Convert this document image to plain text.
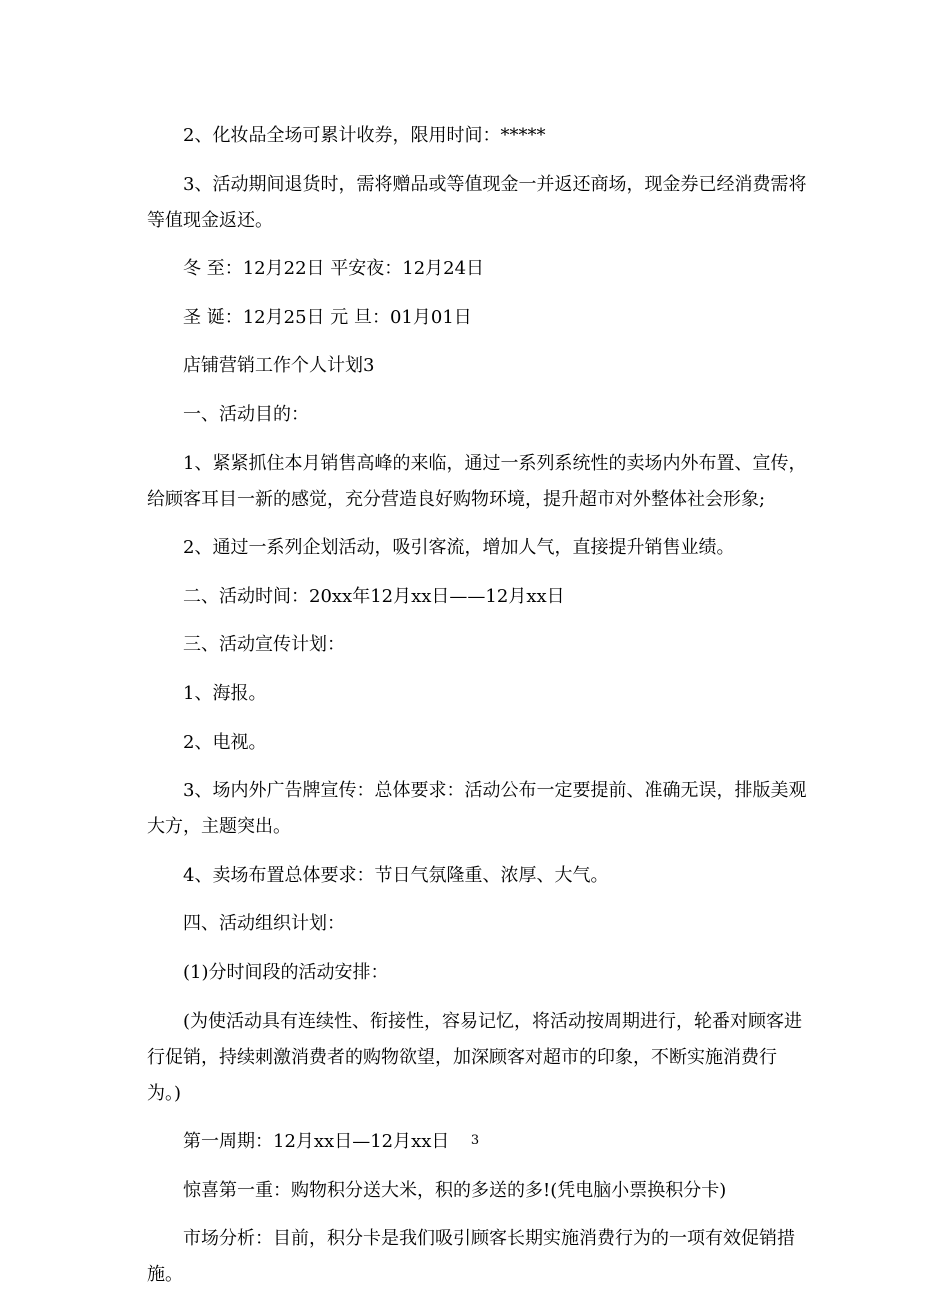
2、化妆品全场可累计收券，限用时间：*****

3、活动期间退货时，需将赠品或等值现金一并返还商场，现金券已经消费需将等值现金返还。

冬 至：12月22日 平安夜：12月24日

圣 诞：12月25日 元 旦：01月01日

店铺营销工作个人计划3

一、活动目的：

1、紧紧抓住本月销售高峰的来临，通过一系列系统性的卖场内外布置、宣传，给顾客耳目一新的感觉，充分营造良好购物环境，提升超市对外整体社会形象;

2、通过一系列企划活动，吸引客流，增加人气，直接提升销售业绩。

二、活动时间：20xx年12月xx日——12月xx日

三、活动宣传计划：

1、海报。

2、电视。

3、场内外广告牌宣传：总体要求：活动公布一定要提前、准确无误，排版美观大方，主题突出。

4、卖场布置总体要求：节日气氛隆重、浓厚、大气。

四、活动组织计划：

(1)分时间段的活动安排：

(为使活动具有连续性、衔接性，容易记忆，将活动按周期进行，轮番对顾客进行促销，持续刺激消费者的购物欲望，加深顾客对超市的印象，不断实施消费行为。)

第一周期：12月xx日—12月xx日

惊喜第一重：购物积分送大米，积的多送的多!(凭电脑小票换积分卡)

市场分析：目前，积分卡是我们吸引顾客长期实施消费行为的一项有效促销措施。

3
